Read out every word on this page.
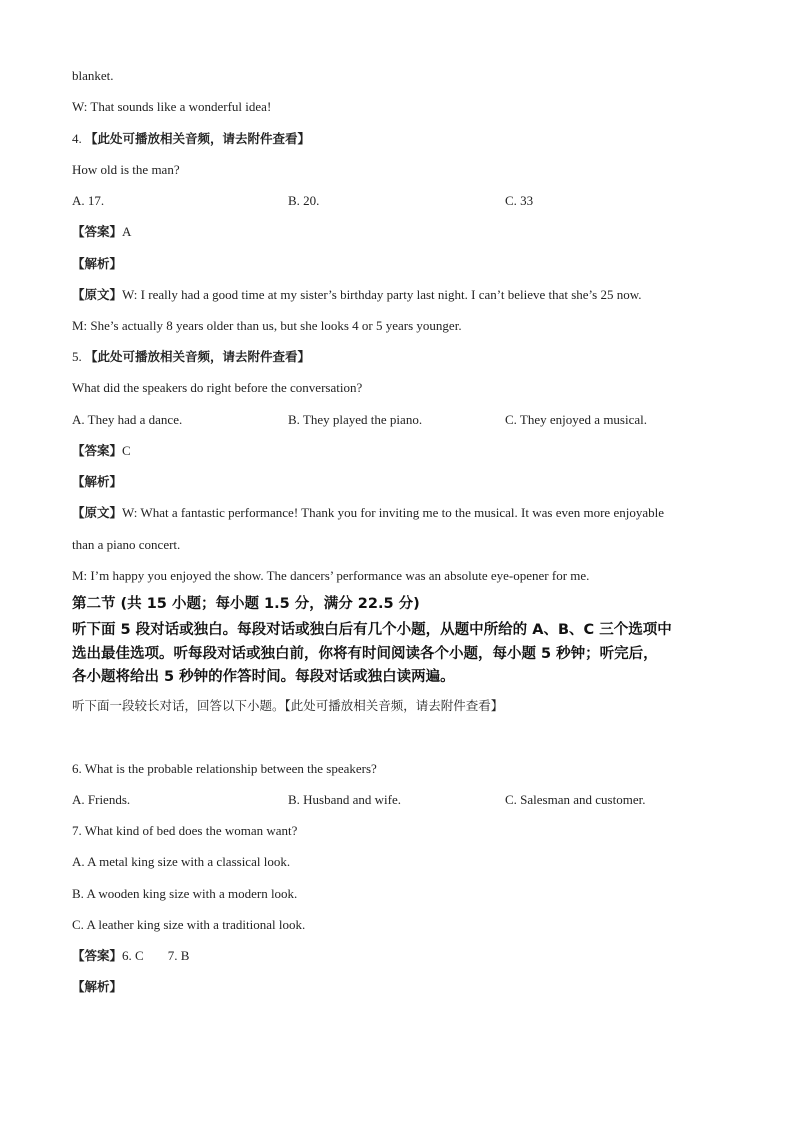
blanket.
W: That sounds like a wonderful idea!
4. 【此处可播放相关音频，请去附件查看】
How old is the man?
A. 17.	B. 20.	C. 33
【答案】A
【解析】
【原文】W: I really had a good time at my sister’s birthday party last night. I can’t believe that she’s 25 now.
M: She’s actually 8 years older than us, but she looks 4 or 5 years younger.
5. 【此处可播放相关音频，请去附件查看】
What did the speakers do right before the conversation?
A. They had a dance.	B. They played the piano.	C. They enjoyed a musical.
【答案】C
【解析】
【原文】W: What a fantastic performance! Thank you for inviting me to the musical. It was even more enjoyable
than a piano concert.
M: I’m happy you enjoyed the show. The dancers’ performance was an absolute eye-opener for me.
第二节 (共 15 小题；每小题 1.5 分，满分 22.5 分)
听下面 5 段对话或独白。每段对话或独白后有几个小题，从题中所给的 A、B、C 三个选项中
选出最佳选项。听每段对话或独白前，你将有时间阅读各个小题，每小题 5 秒钟；听完后，
各小题将给出 5 秒钟的作答时间。每段对话或独白读两遍。
听下面一段较长对话，回答以下小题。【此处可播放相关音频，请去附件查看】
6. What is the probable relationship between the speakers?
A. Friends.	B. Husband and wife.	C. Salesman and customer.
7. What kind of bed does the woman want?
A. A metal king size with a classical look.
B. A wooden king size with a modern look.
C. A leather king size with a traditional look.
【答案】6. C 7. B
【解析】
